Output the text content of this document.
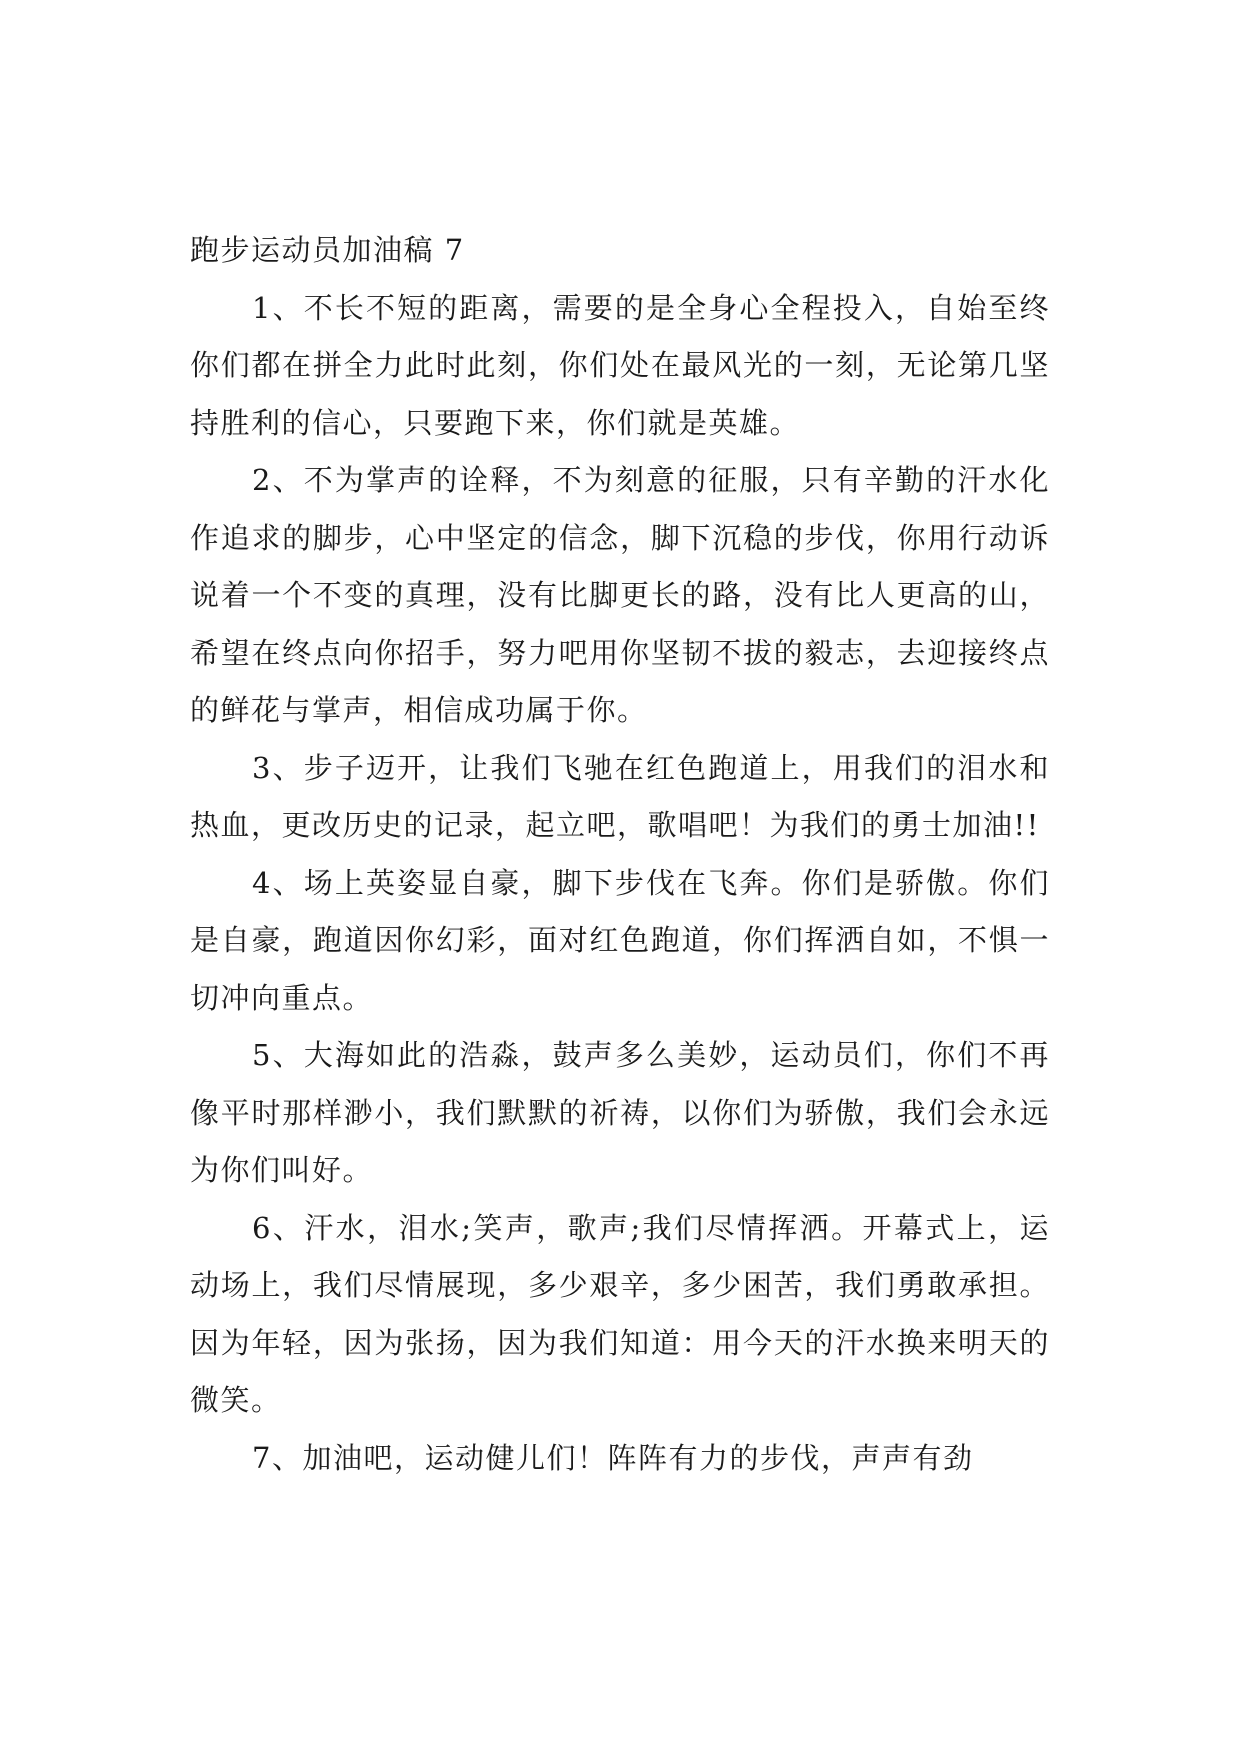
跑步运动员加油稿 7

1、不长不短的距离，需要的是全身心全程投入，自始至终你们都在拼全力此时此刻，你们处在最风光的一刻，无论第几坚持胜利的信心，只要跑下来，你们就是英雄。

2、不为掌声的诠释，不为刻意的征服，只有辛勤的汗水化作追求的脚步，心中坚定的信念，脚下沉稳的步伐，你用行动诉说着一个不变的真理，没有比脚更长的路，没有比人更高的山，希望在终点向你招手，努力吧用你坚韧不拔的毅志，去迎接终点的鲜花与掌声，相信成功属于你。

3、步子迈开，让我们飞驰在红色跑道上，用我们的泪水和热血，更改历史的记录，起立吧，歌唱吧！为我们的勇士加油!!

4、场上英姿显自豪，脚下步伐在飞奔。你们是骄傲。你们是自豪，跑道因你幻彩，面对红色跑道，你们挥洒自如，不惧一切冲向重点。

5、大海如此的浩淼，鼓声多么美妙，运动员们，你们不再像平时那样渺小，我们默默的祈祷，以你们为骄傲，我们会永远为你们叫好。

6、汗水，泪水;笑声，歌声;我们尽情挥洒。开幕式上，运动场上，我们尽情展现，多少艰辛，多少困苦，我们勇敢承担。因为年轻，因为张扬，因为我们知道：用今天的汗水换来明天的微笑。

7、加油吧，运动健儿们！阵阵有力的步伐，声声有劲
